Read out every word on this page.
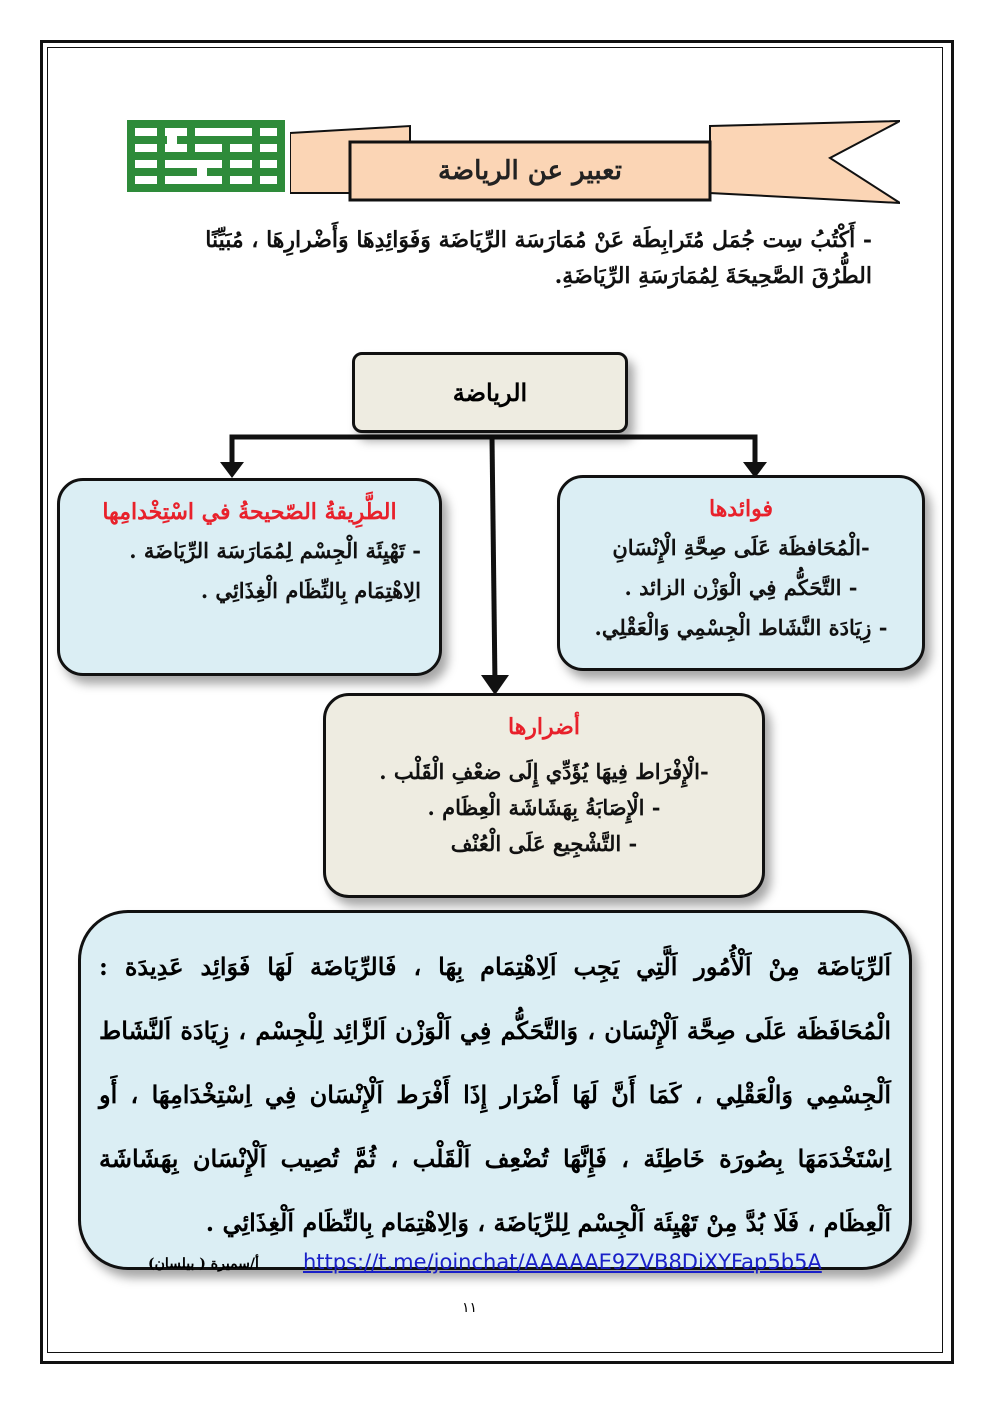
تعبير عن الرياضة
- أَكْتُبُ سِت جُمَل مُتَرابِطَة عَنْ مُمَارَسَة الرِّيَاضَة وَفَوَائِدِهَا وَأَضْرارِهَا ، مُبَيِّنًا
الطُّرُقَ الصَّحِيحَةَ لِمُمَارَسَةِ الرِّيَاضَةِ.
الرياضة
فوائدها
-الْمُحَافظَة عَلَى صِحَّةِ الْإِنْسَانِ
- التَّحَكُّم فِي الْوَزْن الزائد .
- زِيَادَة النَّشَاط الْجِسْمِي وَالْعَقْلِي.
الطَّرِيقةُ الصّحيحةُ في اسْتِخْدامِها
- تَهْيِئَة الْجِسْم لِمُمَارَسَة الرِّيَاضَة .
الِاهْتِمَام بِالنِّظَام الْغِذَائِي .
أضرارها
-الْإِفْرَاط فِيهَا يُؤَدِّي إِلَى ضعْفِ الْقَلْب .
- الْإِصَابَةُ بِهَشَاشَة الْعِظَام .
- التَّشْجِيع عَلَى الْعُنْف
اَلرِّيَاضَة مِنْ اَلْأُمُور اَلَّتِي يَجِب اَلِاهْتِمَام بِهَا ، فَالرِّيَاضَة لَهَا فَوَائِد عَدِيدَة :
الْمُحَافَظَة عَلَى صِحَّة اَلْإِنْسَان ، وَالتَّحَكُّم فِي اَلْوَزْن اَلزَّائِد لِلْجِسْم ، زِيَادَة اَلنَّشَاط
اَلْجِسْمِي وَالْعَقْلِي ، كَمَا أَنَّ لَهَا أَضْرَار إِذَا أَفْرَط اَلْإِنْسَان فِي اِسْتِخْدَامِهَا ، أَو
اِسْتَخْدَمَهَا بِصُورَة خَاطِئَة ، فَإِنَّهَا تُضْعِف اَلْقَلْب ، ثُمَّ تُصِيب اَلْإِنْسَان بِهَشَاشَة
اَلْعِظَام ، فَلَا بُدَّ مِنْ تَهْيِئَة اَلْجِسْم لِلرِّيَاضَة ، وَالِاهْتِمَام بِالنِّظَام اَلْغِذَائِي .
https://t.me/joinchat/AAAAAE9ZVB8DiXYFap5b5A
أ/سميرة ( بيلسان)
١١
